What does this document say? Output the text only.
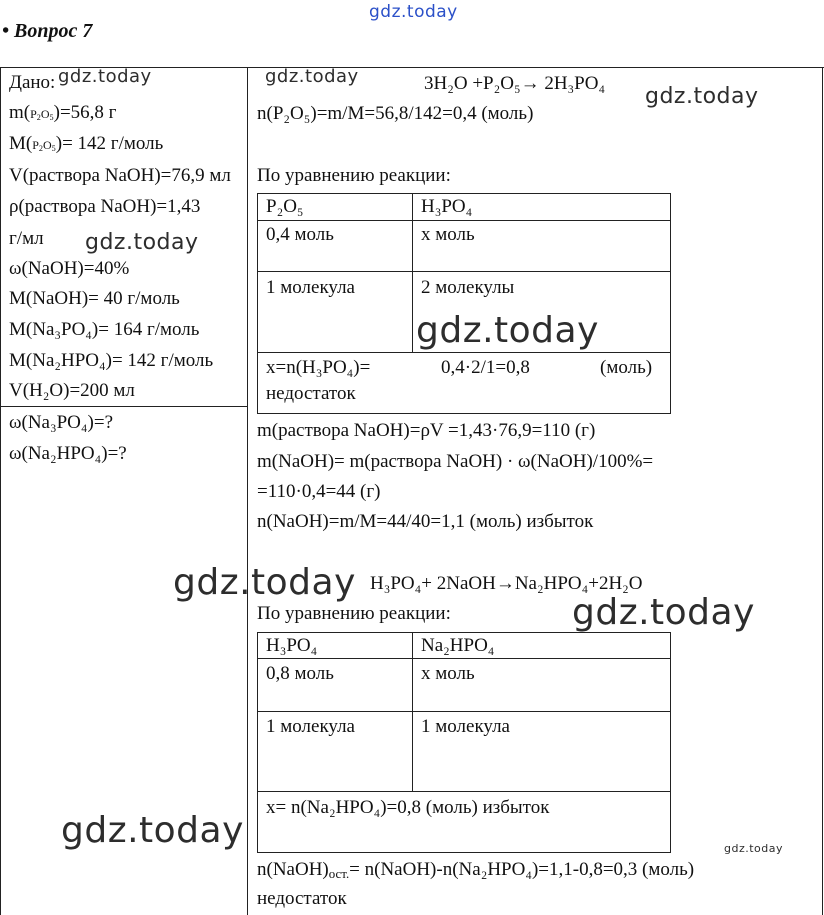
• Вопрос 7
Дано:
$m(P_2O_5)=56,8$ г
$M(P_2O_5)= 142$ г/моль
V(раствора NaOH)=76,9 мл
ρ(раствора NaOH)=1,43
г/мл
ω(NaOH)=40%
M(NaOH)= 40 г/моль
M(Na₃PO₄)= 164 г/моль
M(Na₂HPO₄)= 142 г/моль
V(H₂O)=200 мл
ω(Na₃PO₄)=?
ω(Na₂HPO₄)=?
3H₂O +P₂O₅→ 2H₃PO₄
n(P₂O₅)=m/M=56,8/142=0,4 (моль)
По уравнению реакции:
P₂O₅	H₃PO₄
0,4 моль	x моль
1 молекула	2 молекулы
x=n(H₃PO₄)=	0,4·2/1=0,8	(моль)
недостаток
m(раствора NaOH)=ρV =1,43·76,9=110 (г)
m(NaOH)= m(раствора NaOH) · ω(NaOH)/100%=
=110·0,4=44 (г)
n(NaOH)=m/M=44/40=1,1 (моль) избыток
H₃PO₄+ 2NaOH→Na₂HPO₄+2H₂O
По уравнению реакции:
H₃PO₄	Na₂HPO₄
0,8 моль	x моль
1 молекула	1 молекула
x= n(Na₂HPO₄)=0,8 (моль) избыток
$n(NaOH)_{ост.}=$ n(NaOH)-n(Na₂HPO₄)=1,1-0,8=0,3 (моль)
недостаток
gdz.today
gdz.today	gdz.today
gdz.today
gdz.today
gdz.today
gdz.today
gdz.today
gdz.today	gdz.today
